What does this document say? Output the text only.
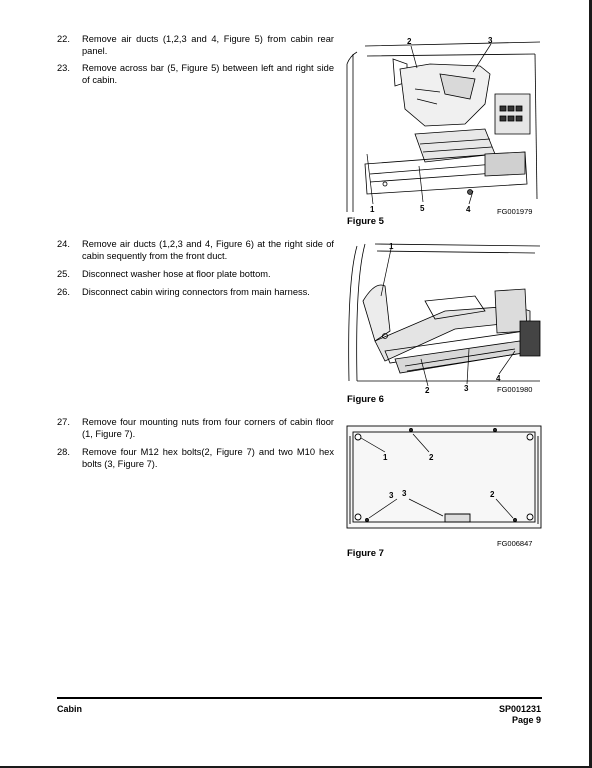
22. Remove air ducts (1,2,3 and 4, Figure 5) from cabin rear panel.
23. Remove across bar (5, Figure 5) between left and right side of cabin.
2	3
1	5	4	FG001979
Figure 5
24. Remove air ducts (1,2,3 and 4, Figure 6) at the right side of cabin sequently from the front duct.
25. Disconnect washer hose at floor plate bottom.
26. Disconnect cabin wiring connectors from main harness.
1
2	3
4
FG001980
Figure 6
27. Remove four mounting nuts from four corners of cabin floor (1, Figure 7).
28. Remove four M12 hex bolts(2, Figure 7) and two M10 hex bolts (3, Figure 7).
1	2
3 3	2
FG006847
Figure 7
Cabin	SP001231
Page 9
